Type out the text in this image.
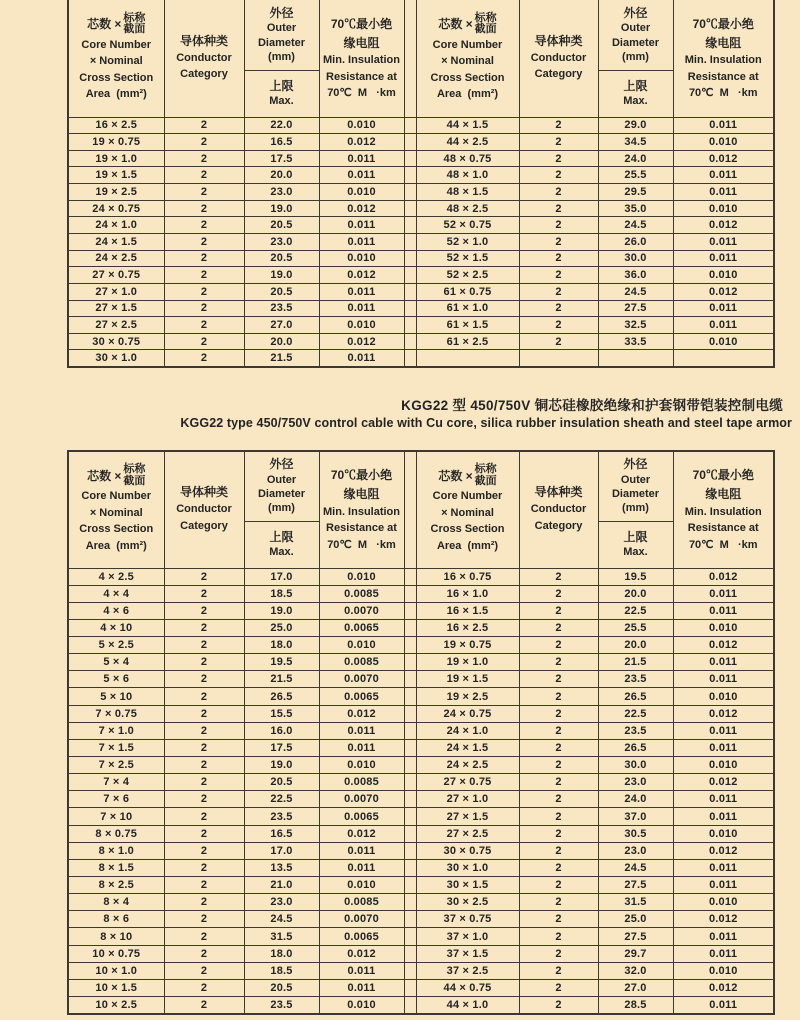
芯数 × 标称
截面
Core Number
× Nominal
Cross Section
Area  (mm²)

导体种类
Conductor
Category

外径
Outer
Diameter
(mm)

70℃最小绝
缘电阻
Min. Insulation
Resistance at
70℃  M   ·km

芯数 × 标称
截面
Core Number
× Nominal
Cross Section
Area  (mm²)

导体种类
Conductor
Category

外径
Outer
Diameter
(mm)

70℃最小绝
缘电阻
Min. Insulation
Resistance at
70℃  M   ·km

上限
Max.

上限
Max.

16 × 2.5	2	22.0	0.010		44 × 1.5	2	29.0	0.011
19 × 0.75	2	16.5	0.012		44 × 2.5	2	34.5	0.010
19 × 1.0	2	17.5	0.011		48 × 0.75	2	24.0	0.012
19 × 1.5	2	20.0	0.011		48 × 1.0	2	25.5	0.011
19 × 2.5	2	23.0	0.010		48 × 1.5	2	29.5	0.011
24 × 0.75	2	19.0	0.012		48 × 2.5	2	35.0	0.010
24 × 1.0	2	20.5	0.011		52 × 0.75	2	24.5	0.012
24 × 1.5	2	23.0	0.011		52 × 1.0	2	26.0	0.011
24 × 2.5	2	20.5	0.010		52 × 1.5	2	30.0	0.011
27 × 0.75	2	19.0	0.012		52 × 2.5	2	36.0	0.010
27 × 1.0	2	20.5	0.011		61 × 0.75	2	24.5	0.012
27 × 1.5	2	23.5	0.011		61 × 1.0	2	27.5	0.011
27 × 2.5	2	27.0	0.010		61 × 1.5	2	32.5	0.011
30 × 0.75	2	20.0	0.012		61 × 2.5	2	33.5	0.010
30 × 1.0	2	21.5	0.011					
KGG22 型 450/750V 铜芯硅橡胶绝缘和护套钢带铠装控制电缆
KGG22 type 450/750V control cable with Cu core, silica rubber insulation sheath and steel tape armor
芯数 × 标称
截面
Core Number
× Nominal
Cross Section
Area  (mm²)

导体种类
Conductor
Category

外径
Outer
Diameter
(mm)

70℃最小绝
缘电阻
Min. Insulation
Resistance at
70℃  M   ·km

芯数 × 标称
截面
Core Number
× Nominal
Cross Section
Area  (mm²)

导体种类
Conductor
Category

外径
Outer
Diameter
(mm)

70℃最小绝
缘电阻
Min. Insulation
Resistance at
70℃  M   ·km

上限
Max.

上限
Max.

4 × 2.5	2	17.0	0.010		16 × 0.75	2	19.5	0.012
4 × 4	2	18.5	0.0085		16 × 1.0	2	20.0	0.011
4 × 6	2	19.0	0.0070		16 × 1.5	2	22.5	0.011
4 × 10	2	25.0	0.0065		16 × 2.5	2	25.5	0.010
5 × 2.5	2	18.0	0.010		19 × 0.75	2	20.0	0.012
5 × 4	2	19.5	0.0085		19 × 1.0	2	21.5	0.011
5 × 6	2	21.5	0.0070		19 × 1.5	2	23.5	0.011
5 × 10	2	26.5	0.0065		19 × 2.5	2	26.5	0.010
7 × 0.75	2	15.5	0.012		24 × 0.75	2	22.5	0.012
7 × 1.0	2	16.0	0.011		24 × 1.0	2	23.5	0.011
7 × 1.5	2	17.5	0.011		24 × 1.5	2	26.5	0.011
7 × 2.5	2	19.0	0.010		24 × 2.5	2	30.0	0.010
7 × 4	2	20.5	0.0085		27 × 0.75	2	23.0	0.012
7 × 6	2	22.5	0.0070		27 × 1.0	2	24.0	0.011
7 × 10	2	23.5	0.0065		27 × 1.5	2	37.0	0.011
8 × 0.75	2	16.5	0.012		27 × 2.5	2	30.5	0.010
8 × 1.0	2	17.0	0.011		30 × 0.75	2	23.0	0.012
8 × 1.5	2	13.5	0.011		30 × 1.0	2	24.5	0.011
8 × 2.5	2	21.0	0.010		30 × 1.5	2	27.5	0.011
8 × 4	2	23.0	0.0085		30 × 2.5	2	31.5	0.010
8 × 6	2	24.5	0.0070		37 × 0.75	2	25.0	0.012
8 × 10	2	31.5	0.0065		37 × 1.0	2	27.5	0.011
10 × 0.75	2	18.0	0.012		37 × 1.5	2	29.7	0.011
10 × 1.0	2	18.5	0.011		37 × 2.5	2	32.0	0.010
10 × 1.5	2	20.5	0.011		44 × 0.75	2	27.0	0.012
10 × 2.5	2	23.5	0.010		44 × 1.0	2	28.5	0.011
